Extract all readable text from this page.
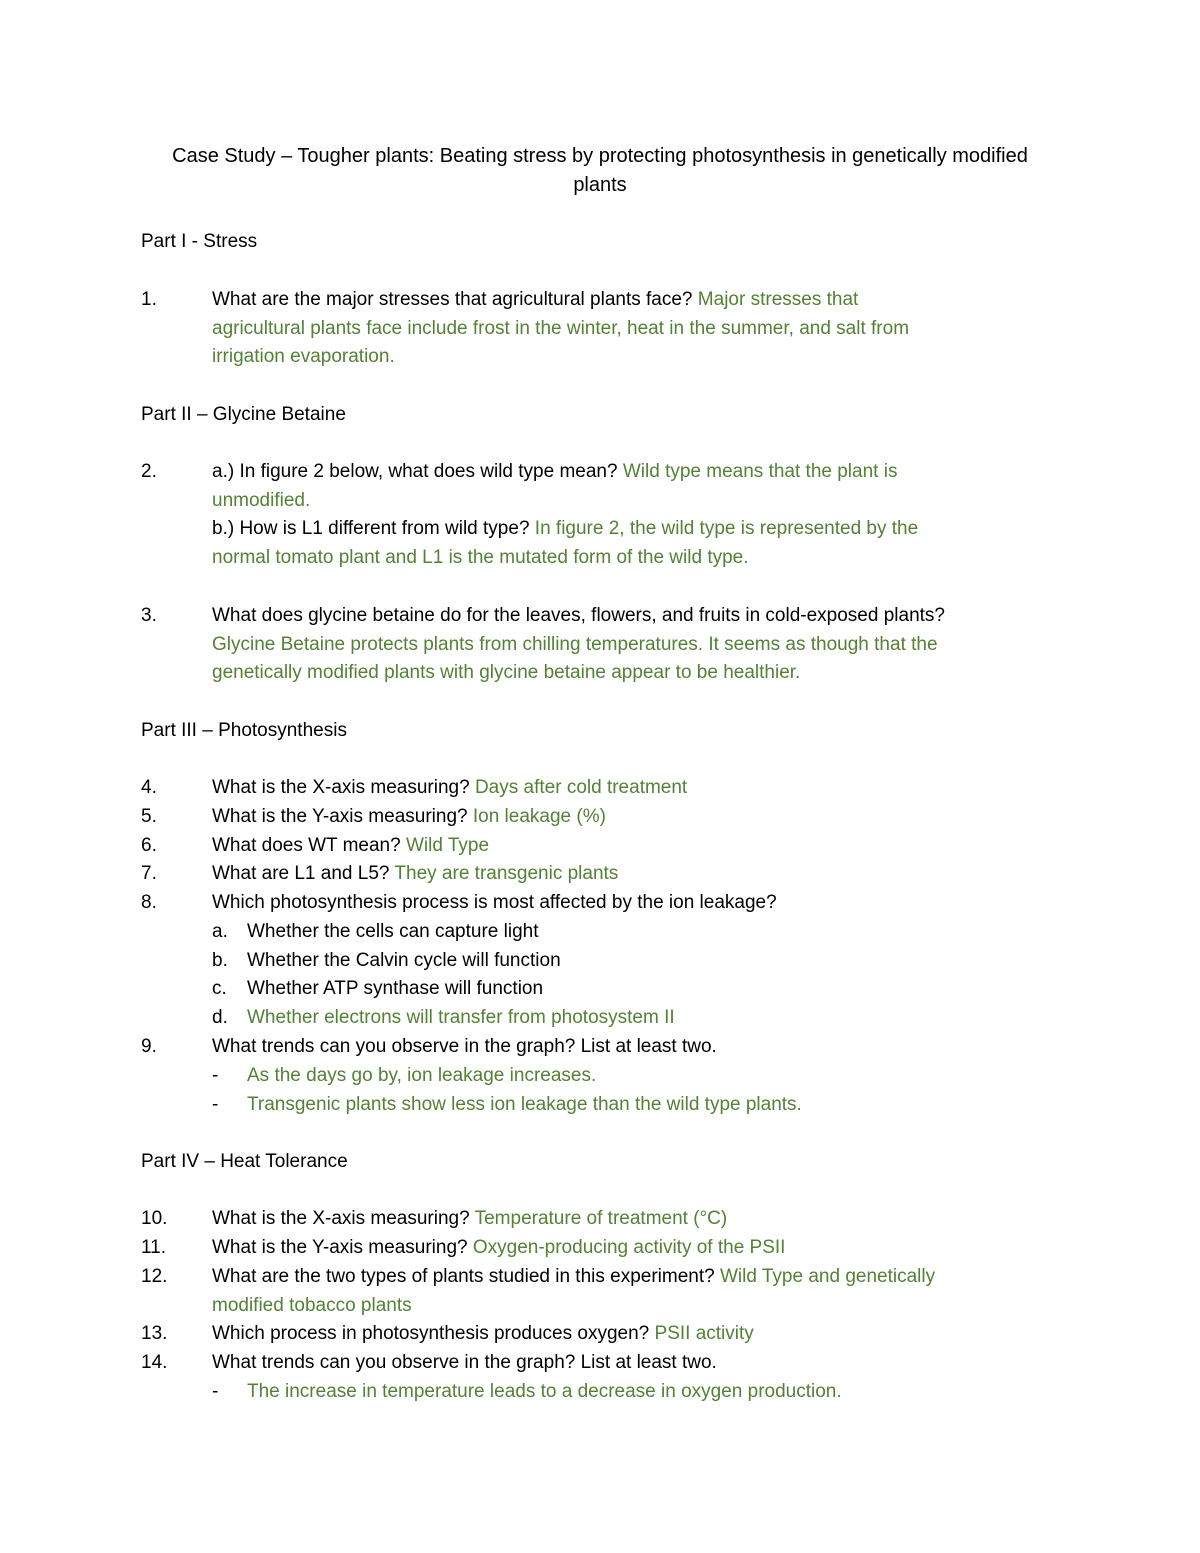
Case Study – Tougher plants: Beating stress by protecting photosynthesis in genetically modified
plants
Part I - Stress
1.	What are the major stresses that agricultural plants face? Major stresses that
agricultural plants face include frost in the winter, heat in the summer, and salt from
irrigation evaporation.
Part II – Glycine Betaine
2.	a.) In figure 2 below, what does wild type mean? Wild type means that the plant is
unmodified.
b.) How is L1 different from wild type? In figure 2, the wild type is represented by the
normal tomato plant and L1 is the mutated form of the wild type.
3.	What does glycine betaine do for the leaves, flowers, and fruits in cold-exposed plants?
Glycine Betaine protects plants from chilling temperatures. It seems as though that the
genetically modified plants with glycine betaine appear to be healthier.
Part III – Photosynthesis
4.	What is the X-axis measuring? Days after cold treatment
5.	What is the Y-axis measuring? Ion leakage (%)
6.	What does WT mean? Wild Type
7.	What are L1 and L5? They are transgenic plants
8.	Which photosynthesis process is most affected by the ion leakage?
a. Whether the cells can capture light
b. Whether the Calvin cycle will function
c. Whether ATP synthase will function
d. Whether electrons will transfer from photosystem II
9.	What trends can you observe in the graph? List at least two.
- As the days go by, ion leakage increases.
- Transgenic plants show less ion leakage than the wild type plants.
Part IV – Heat Tolerance
10.	What is the X-axis measuring? Temperature of treatment (°C)
11.	What is the Y-axis measuring? Oxygen-producing activity of the PSII
12.	What are the two types of plants studied in this experiment? Wild Type and genetically
modified tobacco plants
13.	Which process in photosynthesis produces oxygen? PSII activity
14.	What trends can you observe in the graph? List at least two.
- The increase in temperature leads to a decrease in oxygen production.
